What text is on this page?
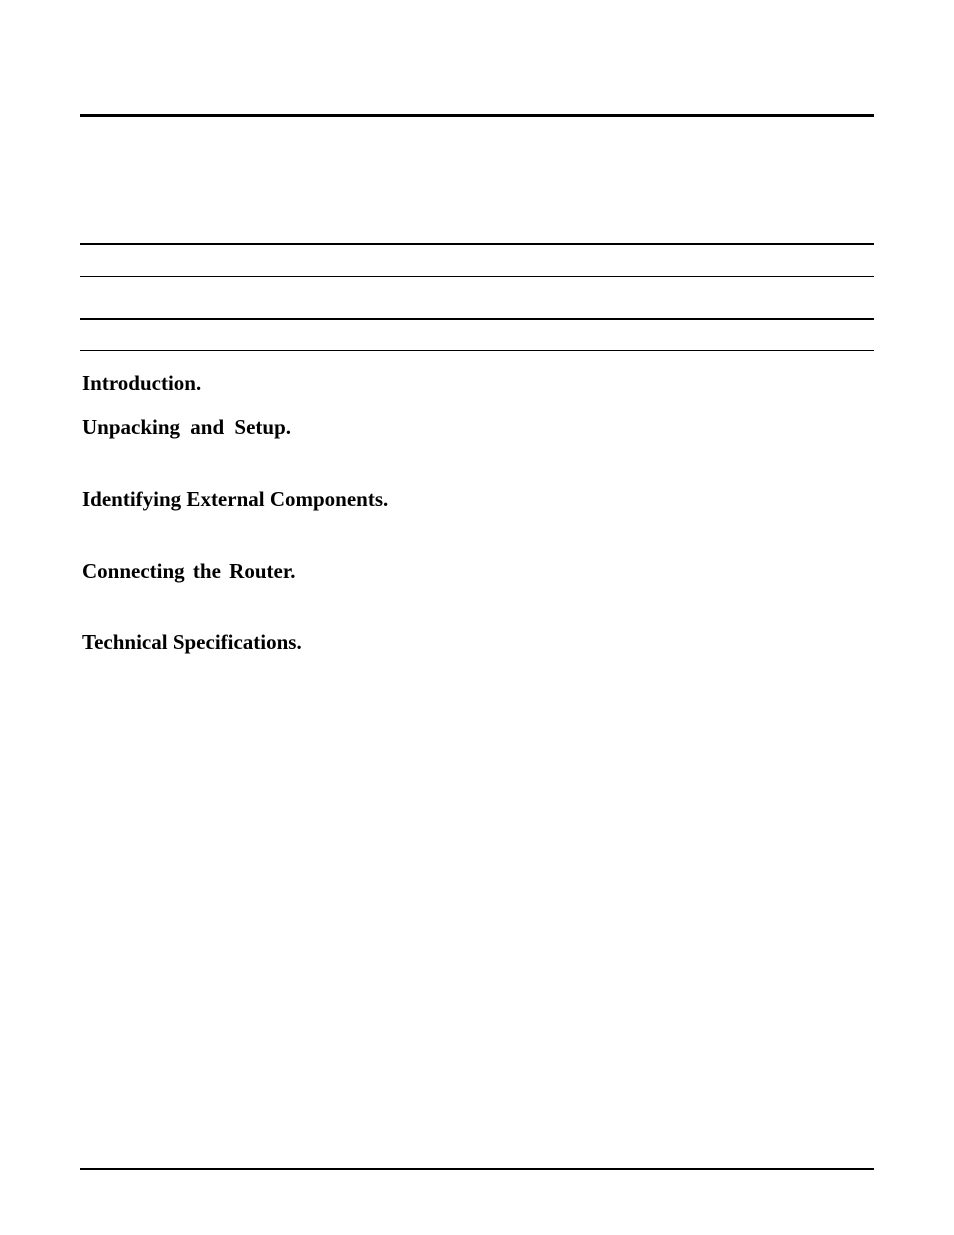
Introduction.
Unpacking and Setup.
Identifying External Components.
Connecting the Router.
Technical Specifications.
